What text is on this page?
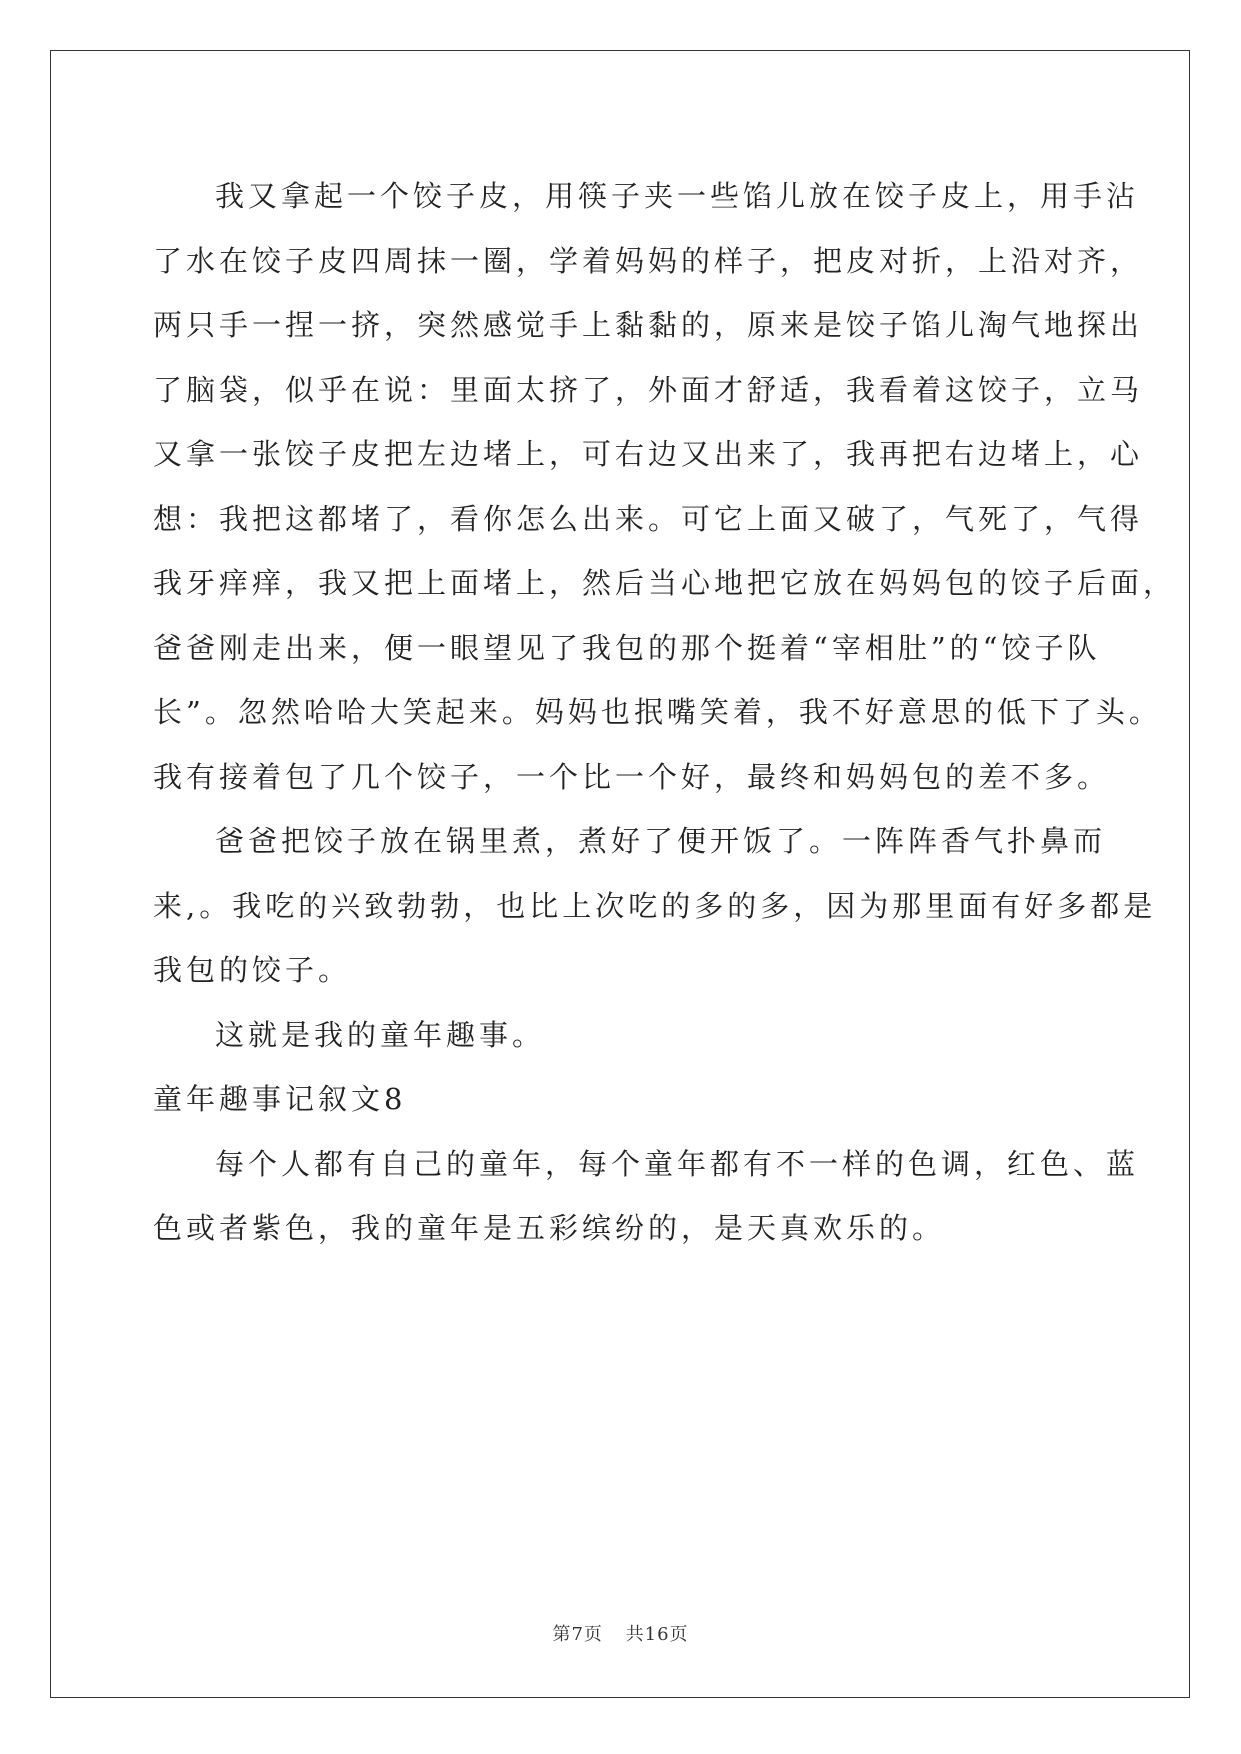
我又拿起一个饺子皮，用筷子夹一些馅儿放在饺子皮上，用手沾
了水在饺子皮四周抹一圈，学着妈妈的样子，把皮对折，上沿对齐，
两只手一捏一挤，突然感觉手上黏黏的，原来是饺子馅儿淘气地探出
了脑袋，似乎在说：里面太挤了，外面才舒适，我看着这饺子，立马
又拿一张饺子皮把左边堵上，可右边又出来了，我再把右边堵上，心
想：我把这都堵了，看你怎么出来。可它上面又破了，气死了，气得
我牙痒痒，我又把上面堵上，然后当心地把它放在妈妈包的饺子后面，
爸爸刚走出来，便一眼望见了我包的那个挺着“宰相肚”的“饺子队
长”。忽然哈哈大笑起来。妈妈也抿嘴笑着，我不好意思的低下了头。
我有接着包了几个饺子，一个比一个好，最终和妈妈包的差不多。
爸爸把饺子放在锅里煮，煮好了便开饭了。一阵阵香气扑鼻而
来,。我吃的兴致勃勃，也比上次吃的多的多，因为那里面有好多都是
我包的饺子。
这就是我的童年趣事。
童年趣事记叙文8
每个人都有自己的童年，每个童年都有不一样的色调，红色、蓝
色或者紫色，我的童年是五彩缤纷的，是天真欢乐的。
第7页 共16页
